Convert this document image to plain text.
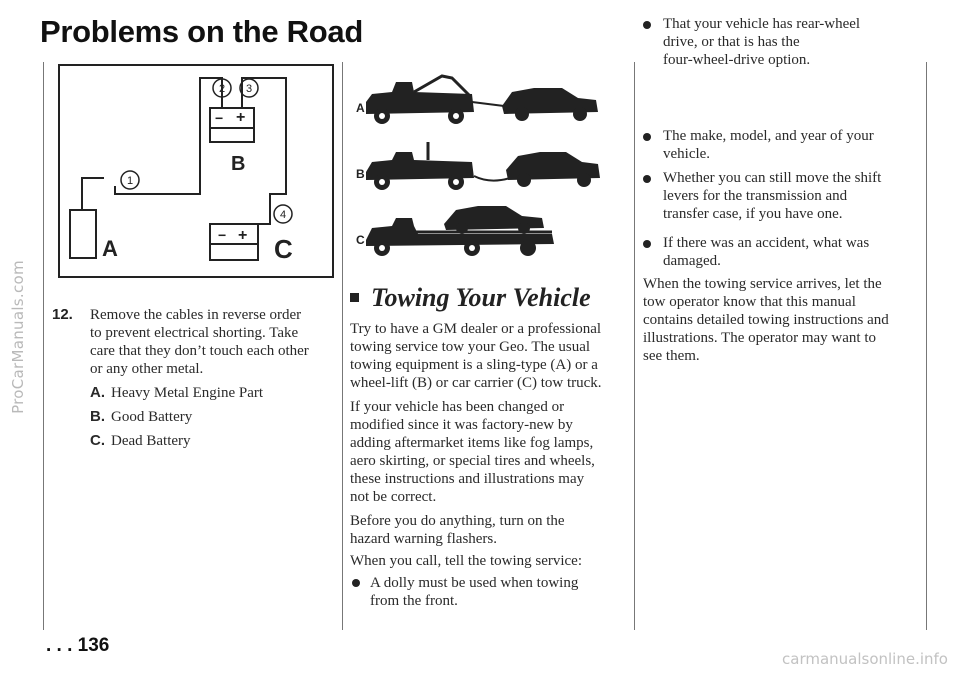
ProCarManuals.com
Problems on the Road
B
A	C
− +
− +
2 3
1
4
12. Remove the cables in reverse order

to prevent electrical shorting. Take

care that they don’t touch each other

or any other metal.

A. Heavy Metal Engine Part
B. Good Battery
C. Dead Battery
A
B
C
Towing Your Vehicle

Try to have a GM dealer or a professional

towing service tow your Geo. The usual

towing equipment is a sling-type (A) or a

wheel-lift (B) or car carrier (C) tow truck.

If your vehicle has been changed or

modified since it was factory-new by

adding aftermarket items like fog lamps,

aero skirting, or special tires and wheels,

these instructions and illustrations may

not be correct.

Before you do anything, turn on the

hazard warning flashers.

When you call, tell the towing service:

A dolly must be used when towing

from the front.

That your vehicle has rear-wheel

drive, or that is has the

four-wheel-drive option.

The make, model, and year of your

vehicle.

Whether you can still move the shift

levers for the transmission and

transfer case, if you have one.

If there was an accident, what was

damaged.

When the towing service arrives, let the

tow operator know that this manual

contains detailed towing instructions and

illustrations. The operator may want to

see them.

. . . 136
carmanualsonline.info
